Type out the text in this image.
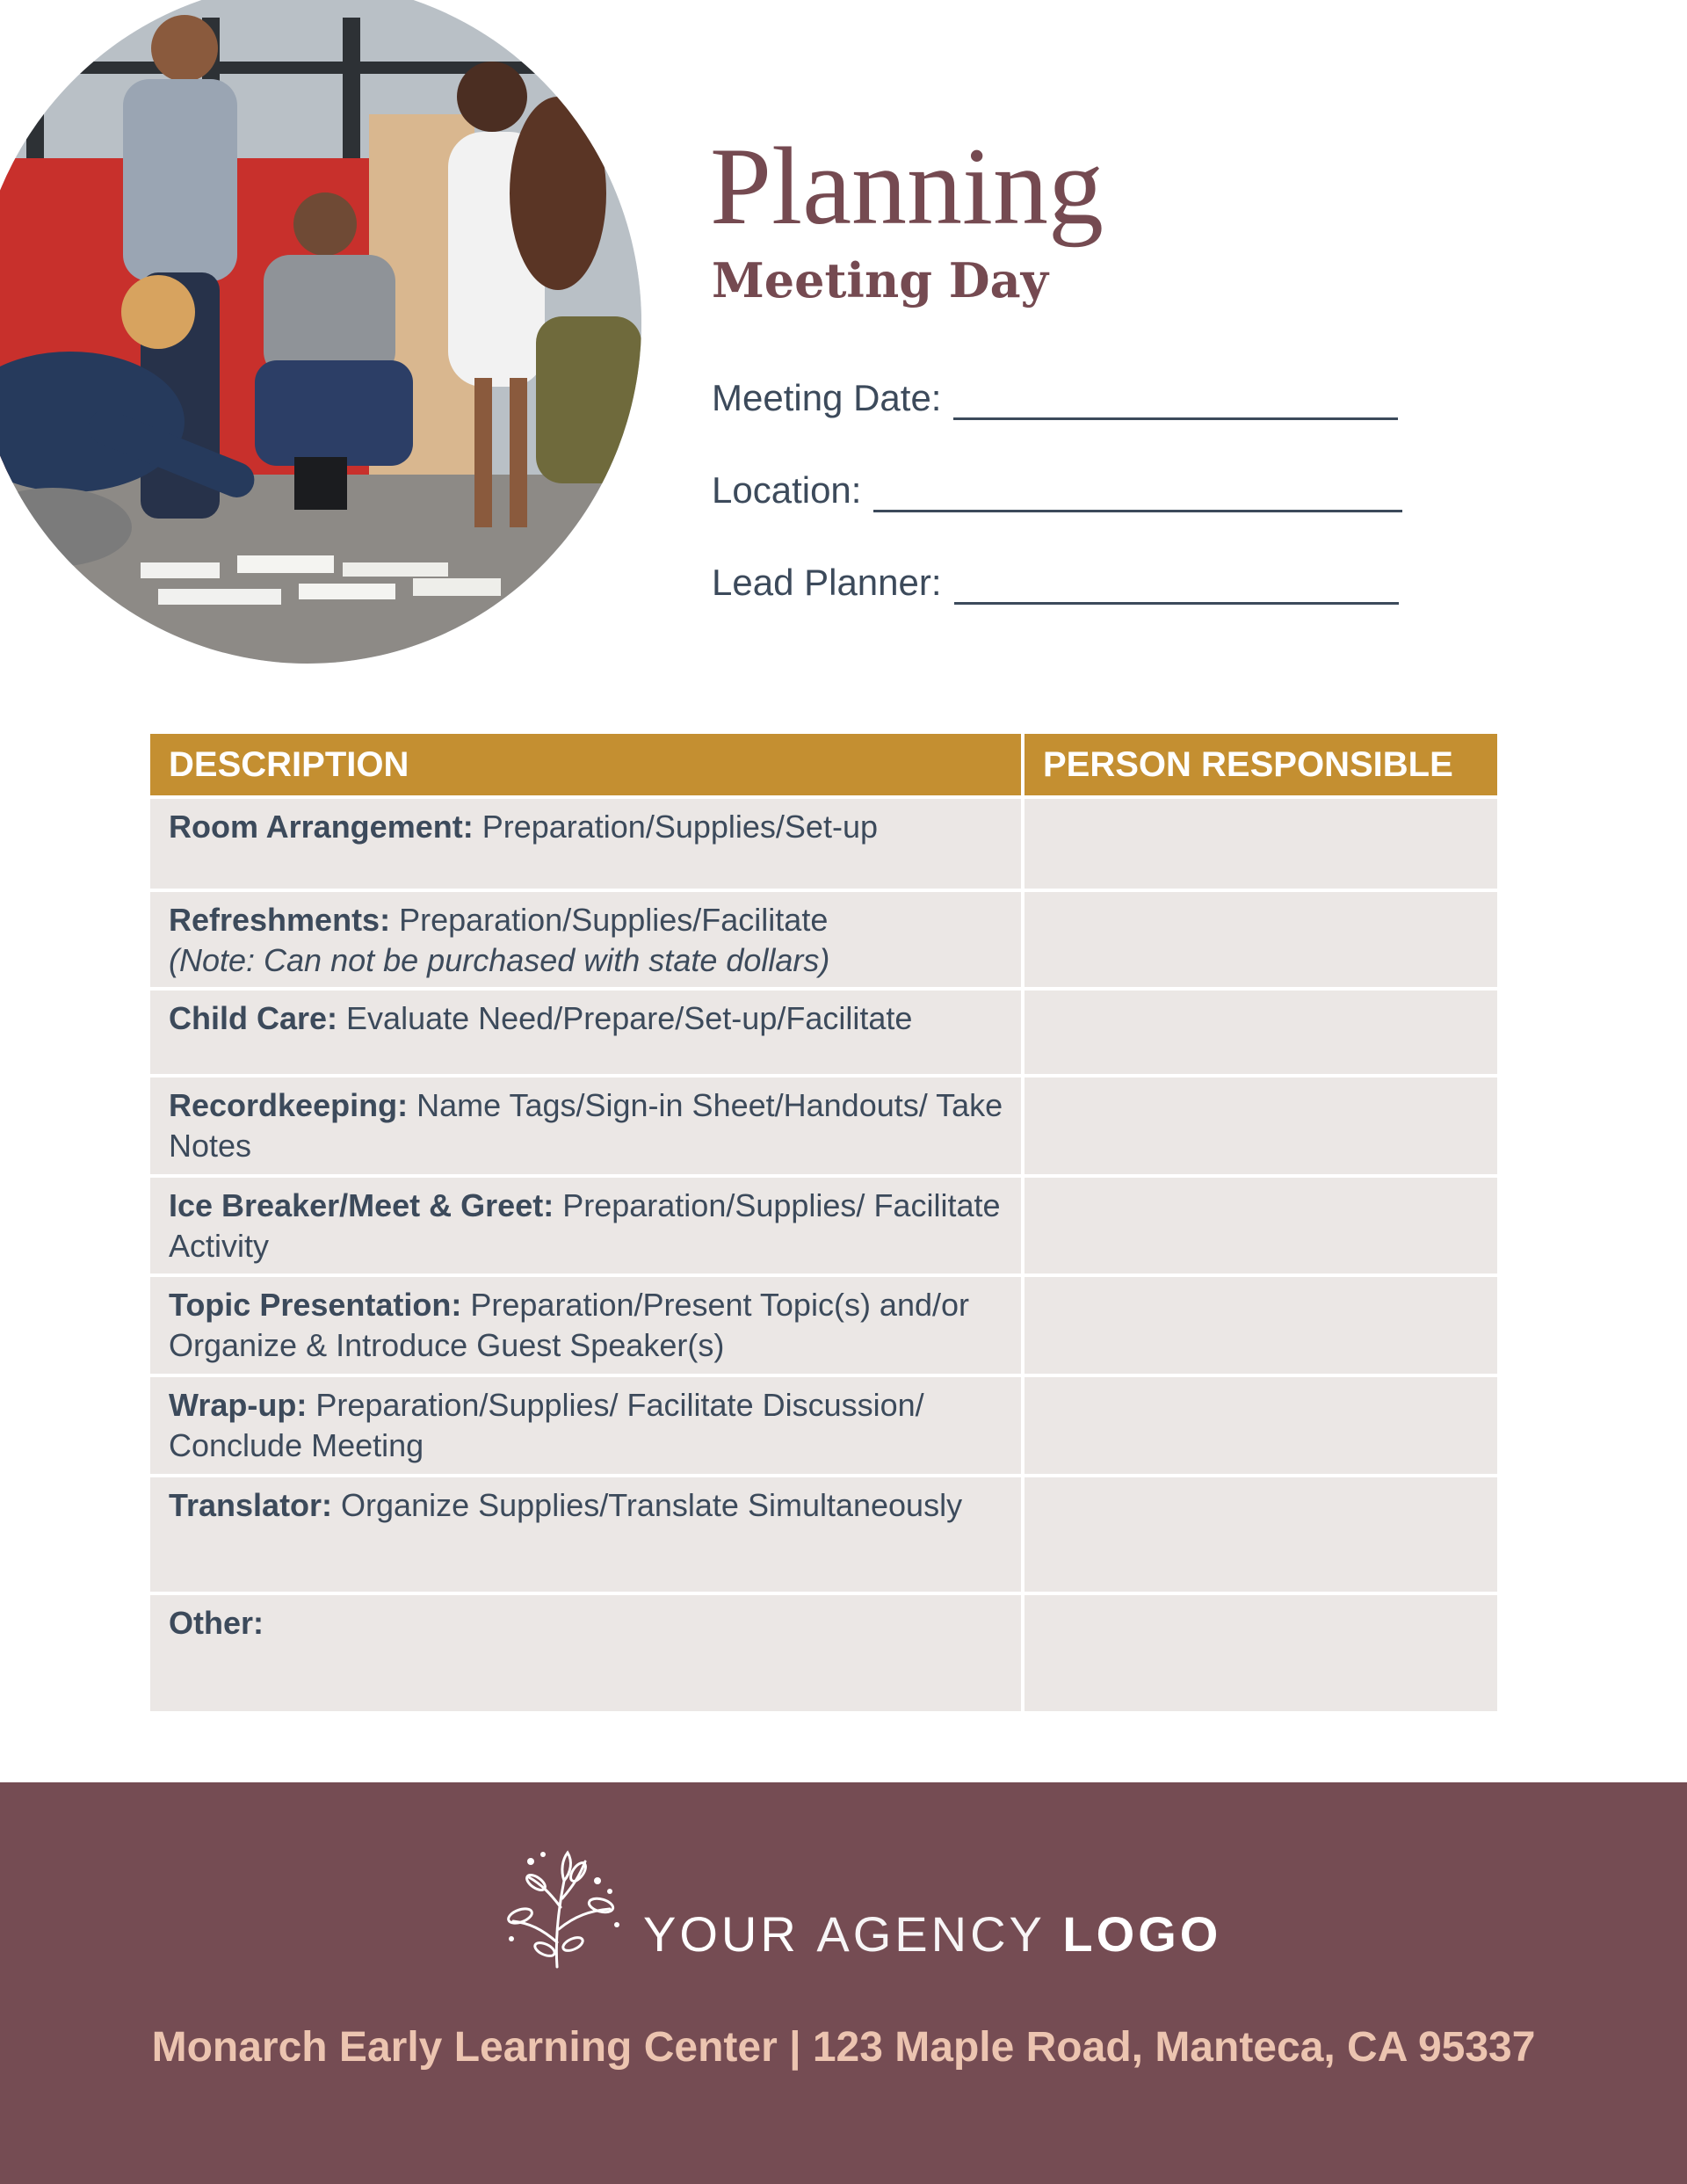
Planning
Meeting Day
Meeting Date:
Location:
Lead Planner:
DESCRIPTION	PERSON RESPONSIBLE
Room Arrangement: Preparation/Supplies/Set-up	
Refreshments: Preparation/Supplies/Facilitate
(Note: Can not be purchased with state dollars)	

Child Care: Evaluate Need/Prepare/Set-up/Facilitate	
Recordkeeping: Name Tags/Sign-in Sheet/Handouts/ Take Notes	
Ice Breaker/Meet & Greet: Preparation/Supplies/ Facilitate Activity	
Topic Presentation: Preparation/Present Topic(s) and/or Organize & Introduce Guest Speaker(s)	
Wrap-up: Preparation/Supplies/ Facilitate Discussion/ Conclude Meeting	
Translator: Organize Supplies/Translate Simultaneously	
Other:	
YOUR AGENCY LOGO
Monarch Early Learning Center | 123 Maple Road, Manteca, CA 95337
